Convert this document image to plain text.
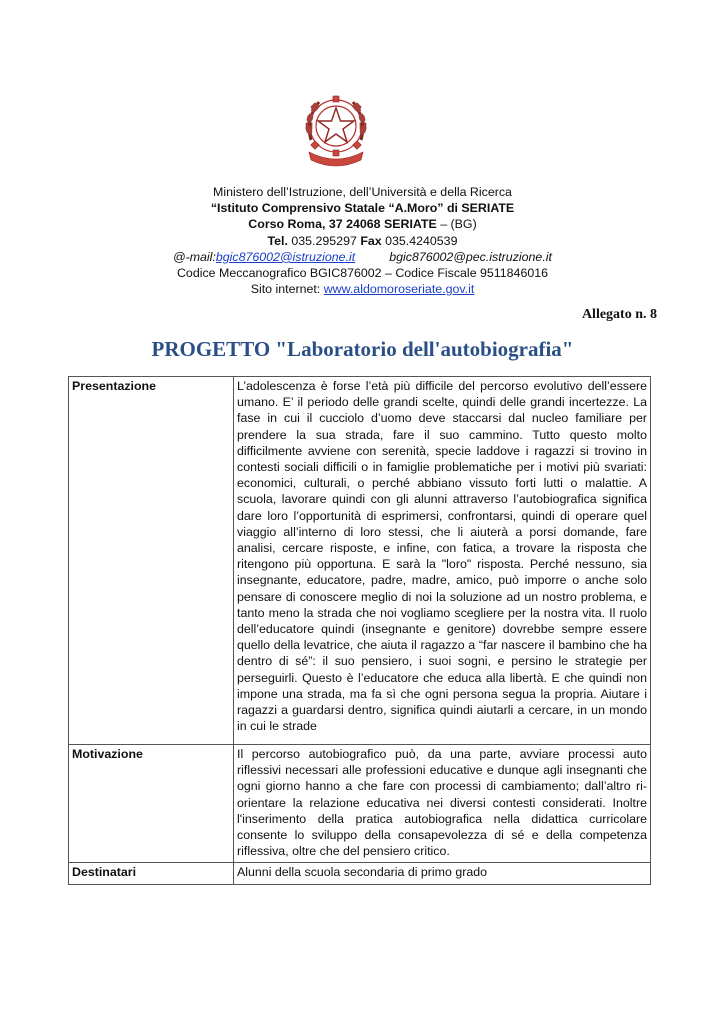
Ministero dell’Istruzione, dell’Università e della Ricerca
“Istituto Comprensivo Statale “A.Moro” di SERIATE
Corso Roma, 37 24068 SERIATE – (BG)
Tel. 035.295297 Fax 035.4240539
@-mail:bgic876002@istruzione.it	bgic876002@pec.istruzione.it
Codice Meccanografico BGIC876002 – Codice Fiscale 9511846016
Sito internet: www.aldomoroseriate.gov.it
Allegato n. 8
PROGETTO "Laboratorio dell'autobiografia"
Presentazione	L’adolescenza è forse l’età più difficile del percorso evolutivo dell’essere umano. E’ il periodo delle grandi scelte, quindi delle grandi incertezze. La fase in cui il cucciolo d’uomo deve staccarsi dal nucleo familiare per prendere la sua strada, fare il suo cammino. Tutto questo molto difficilmente avviene con serenità, specie laddove i ragazzi si trovino in contesti sociali difficili o in famiglie problematiche per i motivi più svariati: economici, culturali, o perché abbiano vissuto forti lutti o malattie. A scuola, lavorare quindi con gli alunni attraverso l’autobiografica significa dare loro l’opportunità di esprimersi, confrontarsi, quindi di operare quel viaggio all’interno di loro stessi, che li aiuterà a porsi domande, fare analisi, cercare risposte, e infine, con fatica, a trovare la risposta che ritengono più opportuna. E sarà la "loro" risposta. Perché nessuno, sia insegnante, educatore, padre, madre, amico, può imporre o anche solo pensare di conoscere meglio di noi la soluzione ad un nostro problema, e tanto meno la strada che noi vogliamo scegliere per la nostra vita. Il ruolo dell’educatore quindi (insegnante e genitore) dovrebbe sempre essere quello della levatrice, che aiuta il ragazzo a “far nascere il bambino che ha dentro di sé”: il suo pensiero, i suoi sogni, e persino le strategie per perseguirli. Questo è l’educatore che educa alla libertà. E che quindi non impone una strada, ma fa sì che ogni persona segua la propria. Aiutare i ragazzi a guardarsi dentro, significa quindi aiutarli a cercare, in un mondo in cui le strade

Motivazione	Il percorso autobiografico può, da una parte, avviare processi auto riflessivi necessari alle professioni educative e dunque agli insegnanti che ogni giorno hanno a che fare con processi di cambiamento; dall’altro ri-orientare la relazione educativa nei diversi contesti considerati. Inoltre l'inserimento della pratica autobiografica nella didattica curricolare consente lo sviluppo della consapevolezza di sé e della competenza riflessiva, oltre che del pensiero critico.
Destinatari	Alunni della scuola secondaria di primo grado
